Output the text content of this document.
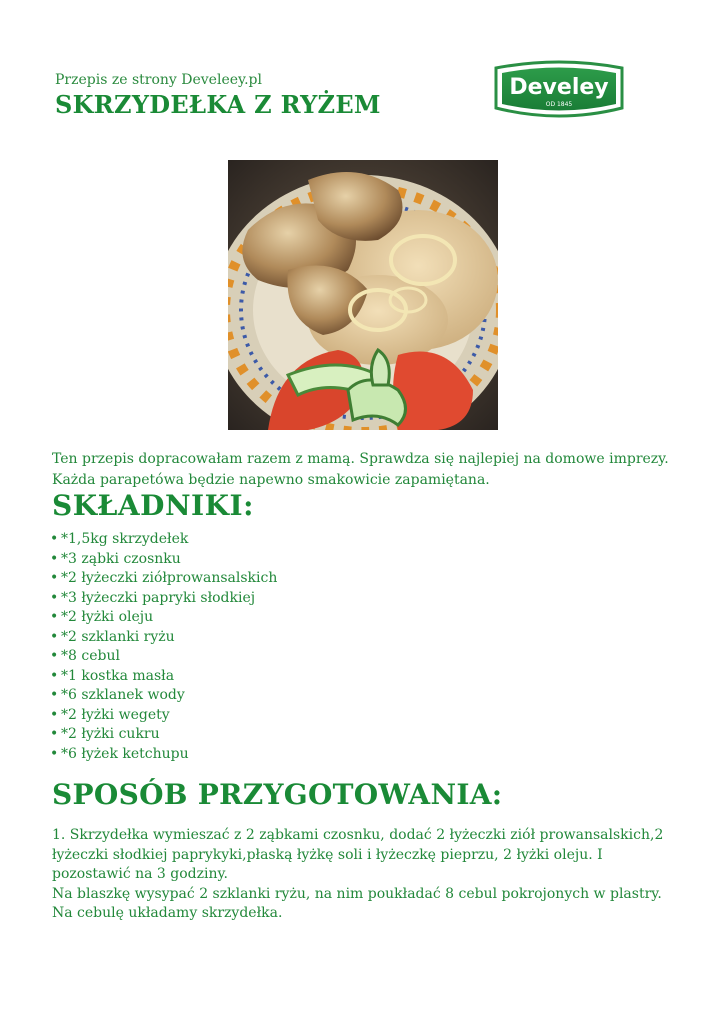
Przepis ze strony Develeey.pl
SKRZYDEŁKA Z RYŻEM
Develey
OD 1845

Ten przepis dopracowałam razem z mamą. Sprawdza się najlepiej na domowe imprezy. Każda parapetówa będzie napewno smakowicie zapamiętana.

SKŁADNIKI:
• *1,5kg skrzydełek
• *3 ząbki czosnku
• *2 łyżeczki ziółprowansalskich
• *3 łyżeczki papryki słodkiej
• *2 łyżki oleju
• *2 szklanki ryżu
• *8 cebul
• *1 kostka masła
• *6 szklanek wody
• *2 łyżki wegety
• *2 łyżki cukru
• *6 łyżek ketchupu
SPOSÓB PRZYGOTOWANIA:

1. Skrzydełka wymieszać z 2 ząbkami czosnku, dodać 2 łyżeczki ziół prowansalskich,2 łyżeczki słodkiej paprykyki,płaską łyżkę soli i łyżeczkę pieprzu, 2 łyżki oleju. I pozostawić na 3 godziny.

Na blaszkę wysypać 2 szklanki ryżu, na nim poukładać 8 cebul pokrojonych w plastry. Na cebulę układamy skrzydełka.
